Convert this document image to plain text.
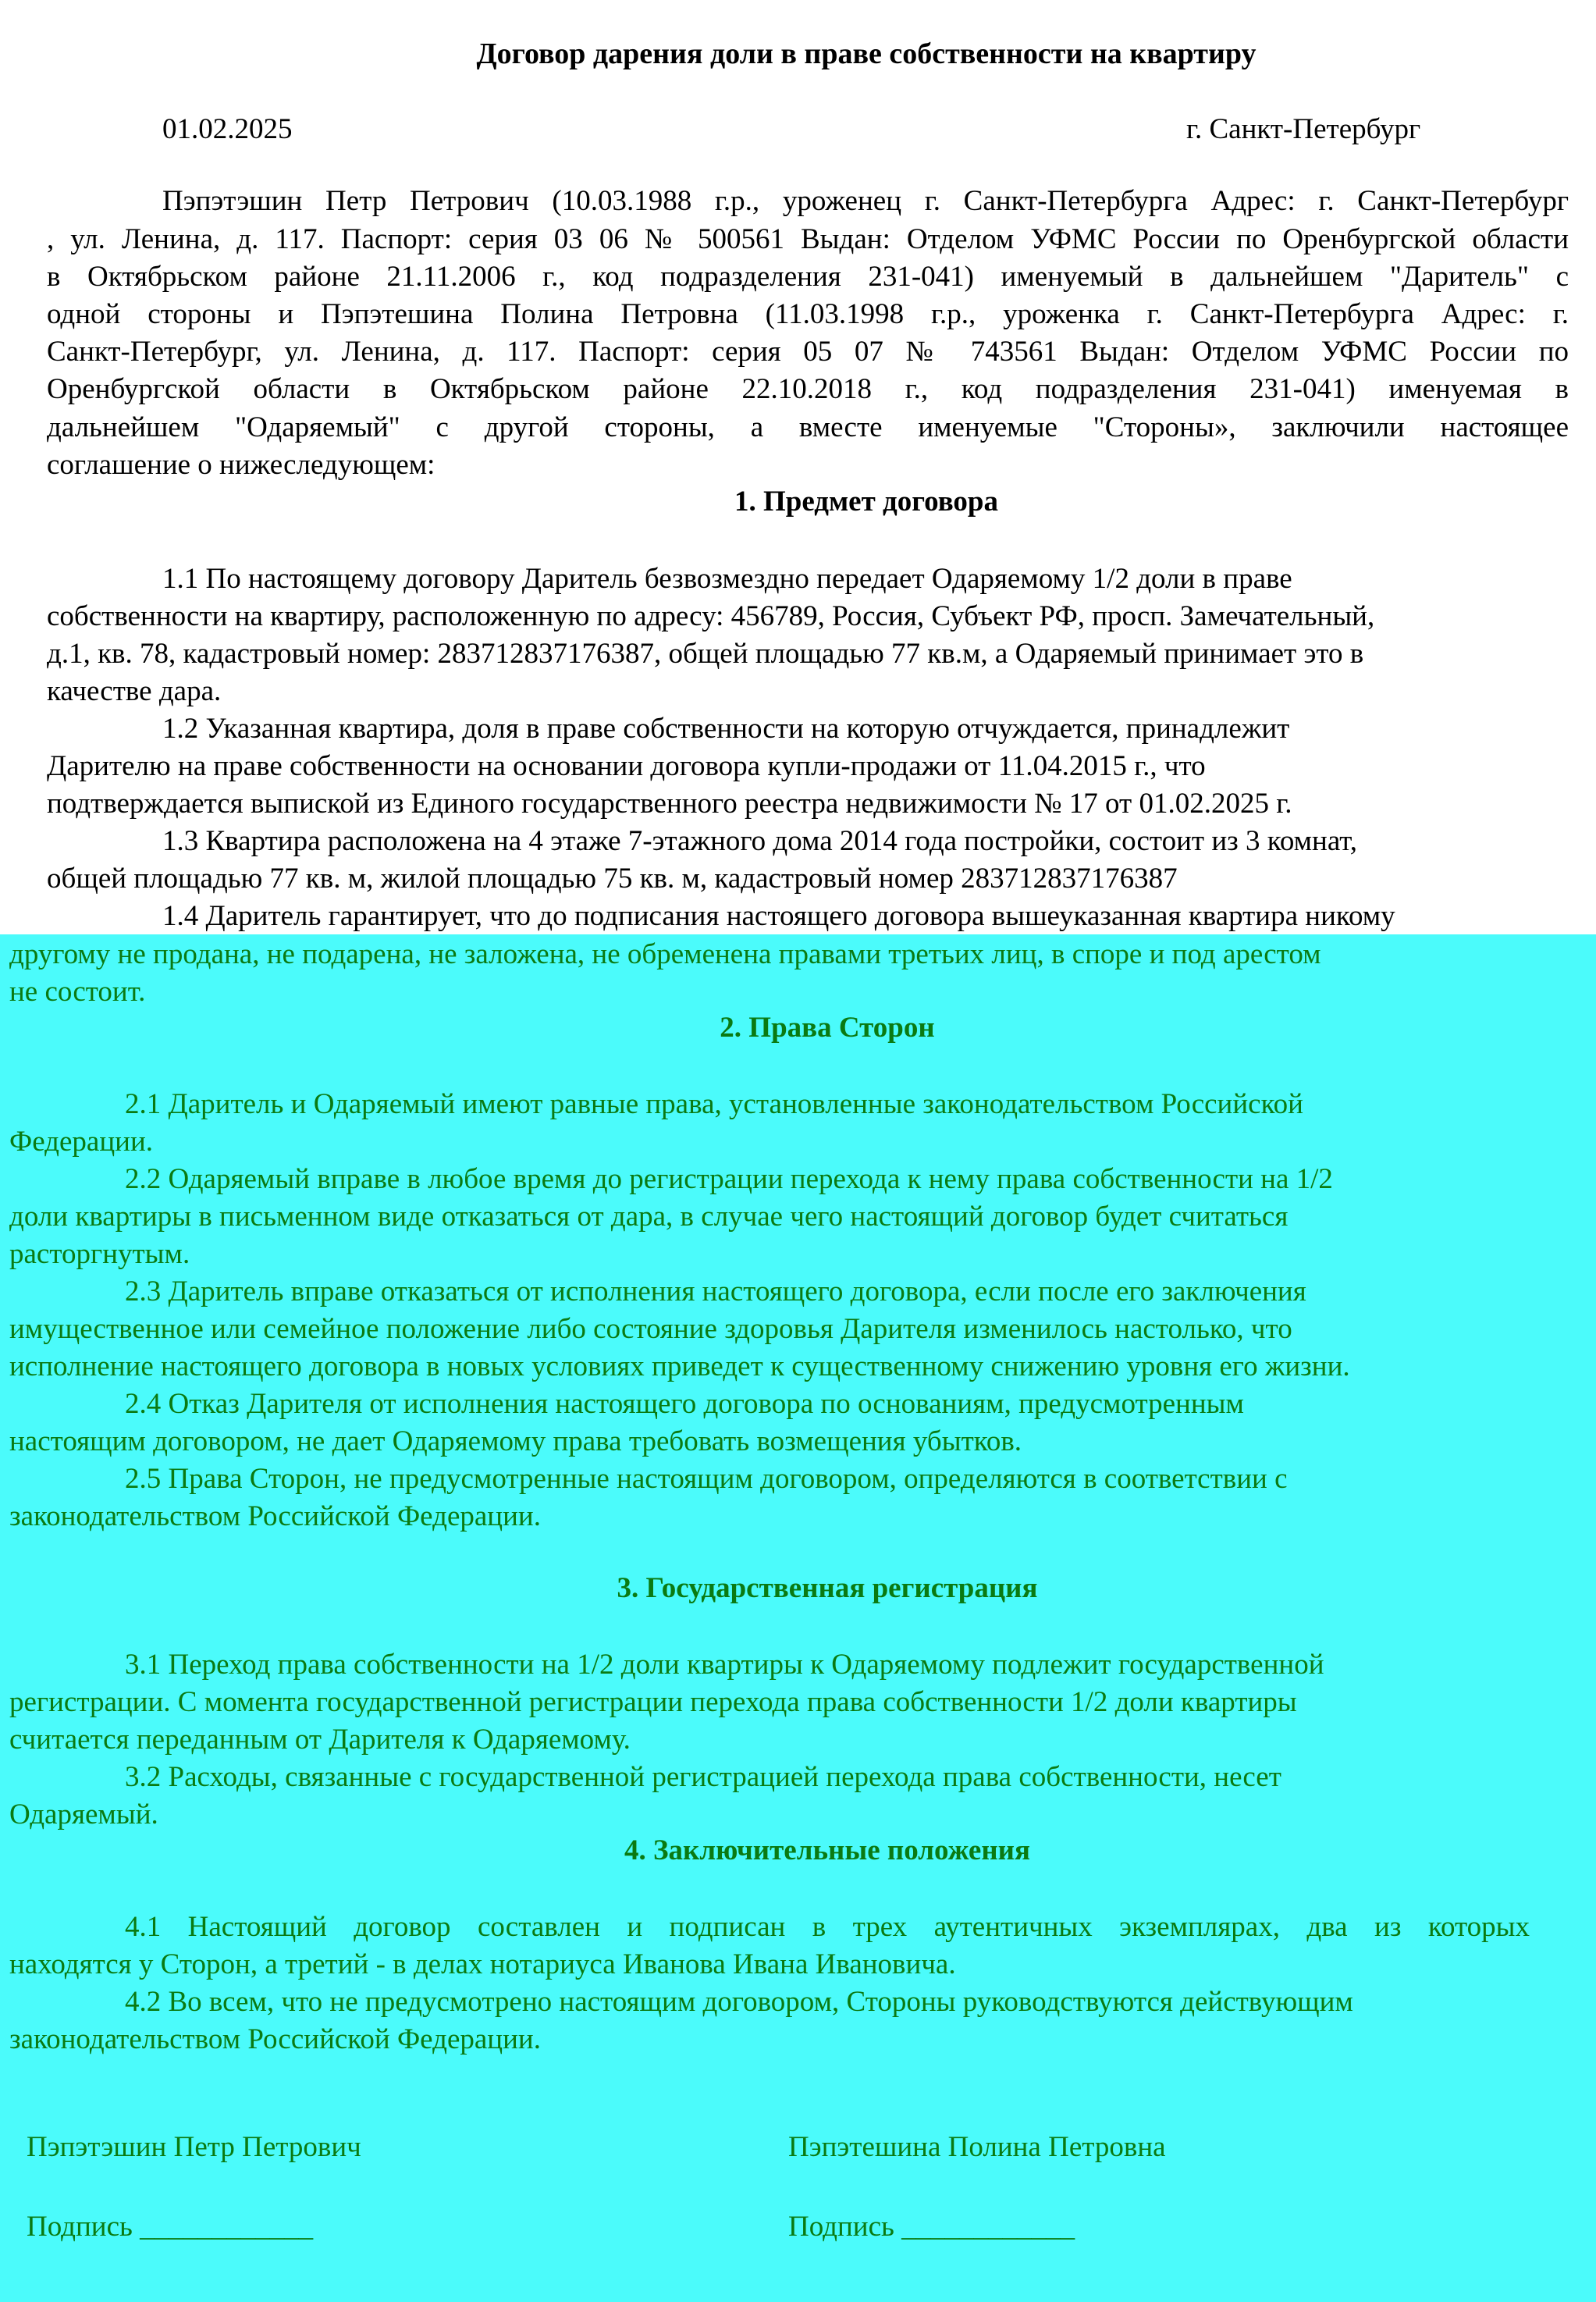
Договор дарения доли в праве собственности на квартиру
01.02.2025	г. Санкт-Петербург
Пэпэтэшин Петр Петрович (10.03.1988 г.р., уроженец г. Санкт-Петербурга Адрес: г. Санкт-Петербург
, ул. Ленина, д. 117. Паспорт: серия 03 06 № 500561 Выдан: Отделом УФМС России по Оренбургской области
в Октябрьском районе 21.11.2006 г., код подразделения 231-041) именуемый в дальнейшем "Даритель" с
одной стороны и Пэпэтешина Полина Петровна (11.03.1998 г.р., уроженка г. Санкт-Петербурга Адрес: г.
Санкт-Петербург, ул. Ленина, д. 117. Паспорт: серия 05 07 № 743561 Выдан: Отделом УФМС России по
Оренбургской области в Октябрьском районе 22.10.2018 г., код подразделения 231-041) именуемая в
дальнейшем "Одаряемый" с другой стороны, а вместе именуемые "Стороны», заключили настоящее
соглашение о нижеследующем:
1. Предмет договора
1.1 По настоящему договору Даритель безвозмездно передает Одаряемому 1/2 доли в праве
собственности на квартиру, расположенную по адресу: 456789, Россия, Субъект РФ, просп. Замечательный,
д.1, кв. 78, кадастровый номер: 283712837176387, общей площадью 77 кв.м, а Одаряемый принимает это в
качестве дара.
1.2 Указанная квартира, доля в праве собственности на которую отчуждается, принадлежит
Дарителю на праве собственности на основании договора купли-продажи от 11.04.2015 г., что
подтверждается выпиской из Единого государственного реестра недвижимости № 17 от 01.02.2025 г.
1.3 Квартира расположена на 4 этаже 7-этажного дома 2014 года постройки, состоит из 3 комнат,
общей площадью 77 кв. м, жилой площадью 75 кв. м, кадастровый номер 283712837176387
1.4 Даритель гарантирует, что до подписания настоящего договора вышеуказанная квартира никому
другому не продана, не подарена, не заложена, не обременена правами третьих лиц, в споре и под арестом
не состоит.
2. Права Сторон
2.1 Даритель и Одаряемый имеют равные права, установленные законодательством Российской
Федерации.
2.2 Одаряемый вправе в любое время до регистрации перехода к нему права собственности на 1/2
доли квартиры в письменном виде отказаться от дара, в случае чего настоящий договор будет считаться
расторгнутым.
2.3 Даритель вправе отказаться от исполнения настоящего договора, если после его заключения
имущественное или семейное положение либо состояние здоровья Дарителя изменилось настолько, что
исполнение настоящего договора в новых условиях приведет к существенному снижению уровня его жизни.
2.4 Отказ Дарителя от исполнения настоящего договора по основаниям, предусмотренным
настоящим договором, не дает Одаряемому права требовать возмещения убытков.
2.5 Права Сторон, не предусмотренные настоящим договором, определяются в соответствии с
законодательством Российской Федерации.
3. Государственная регистрация
3.1 Переход права собственности на 1/2 доли квартиры к Одаряемому подлежит государственной
регистрации. С момента государственной регистрации перехода права собственности 1/2 доли квартиры
считается переданным от Дарителя к Одаряемому.
3.2 Расходы, связанные с государственной регистрацией перехода права собственности, несет
Одаряемый.
4. Заключительные положения
4.1 Настоящий договор составлен и подписан в трех аутентичных экземплярах, два из которых
находятся у Сторон, а третий - в делах нотариуса Иванова Ивана Ивановича.
4.2 Во всем, что не предусмотрено настоящим договором, Стороны руководствуются действующим
законодательством Российской Федерации.
Пэпэтэшин Петр Петрович	Пэпэтешина Полина Петровна
Подпись ____________	Подпись ____________
